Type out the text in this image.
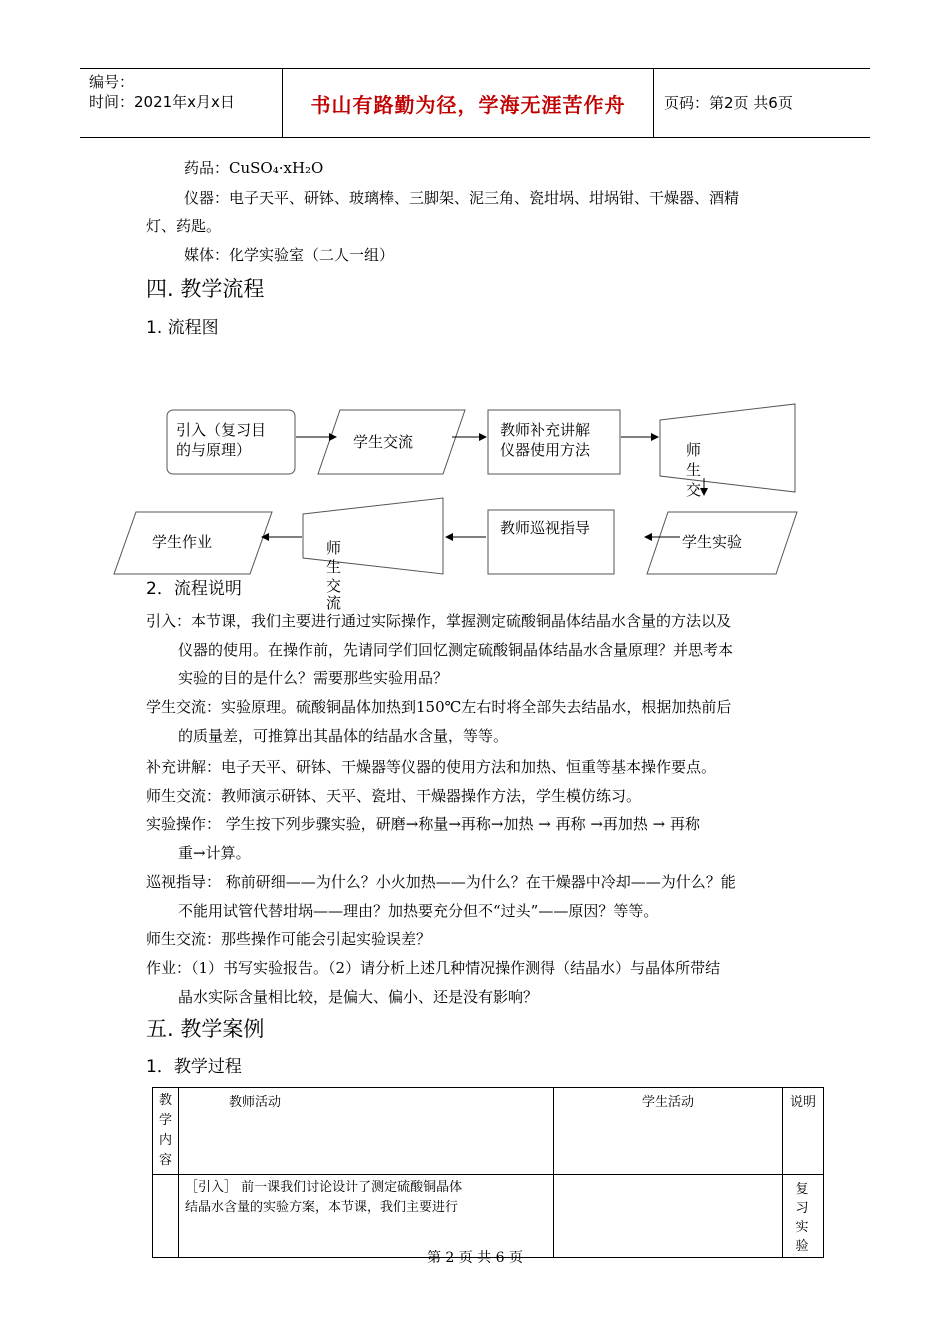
编号：
时间：2021年x月x日	书山有路勤为径，学海无涯苦作舟	页码：第2页 共6页
药品：CuSO₄·xH₂O
仪器：电子天平、研钵、玻璃棒、三脚架、泥三角、瓷坩埚、坩埚钳、干燥器、酒精
灯、药匙。
媒体：化学实验室（二人一组）
四. 教学流程
1. 流程图
引入（复习目
的与原理）	学生交流
教师补充讲解
仪器使用方法	师
生
交
学生实验
教师巡视指导
师
生
交
流
学生作业
2．流程说明
引入：本节课，我们主要进行通过实际操作，掌握测定硫酸铜晶体结晶水含量的方法以及
仪器的使用。在操作前，先请同学们回忆测定硫酸铜晶体结晶水含量原理？并思考本
实验的目的是什么？需要那些实验用品？
学生交流：实验原理。硫酸铜晶体加热到150℃左右时将全部失去结晶水，根据加热前后
的质量差，可推算出其晶体的结晶水含量，等等。
补充讲解：电子天平、研钵、干燥器等仪器的使用方法和加热、恒重等基本操作要点。
师生交流：教师演示研钵、天平、瓷坩、干燥器操作方法，学生模仿练习。
实验操作： 学生按下列步骤实验，研磨→称量→再称→加热 → 再称 →再加热 → 再称
重→计算。
巡视指导： 称前研细——为什么？小火加热——为什么？在干燥器中冷却——为什么？能
不能用试管代替坩埚——理由？加热要充分但不“过头”——原因？等等。
师生交流：那些操作可能会引起实验误差？
作业：（1）书写实验报告。（2）请分析上述几种情况操作测得（结晶水）与晶体所带结
晶水实际含量相比较，是偏大、偏小、还是没有影响？
五. 教学案例
1．教学过程
教
学
内
容	教师活动	学生活动	说明

	［引入］ 前一课我们讨论设计了测定硫酸铜晶体
结晶水含量的实验方案，本节课，我们主要进行		复习实验
第 2 页 共 6 页
